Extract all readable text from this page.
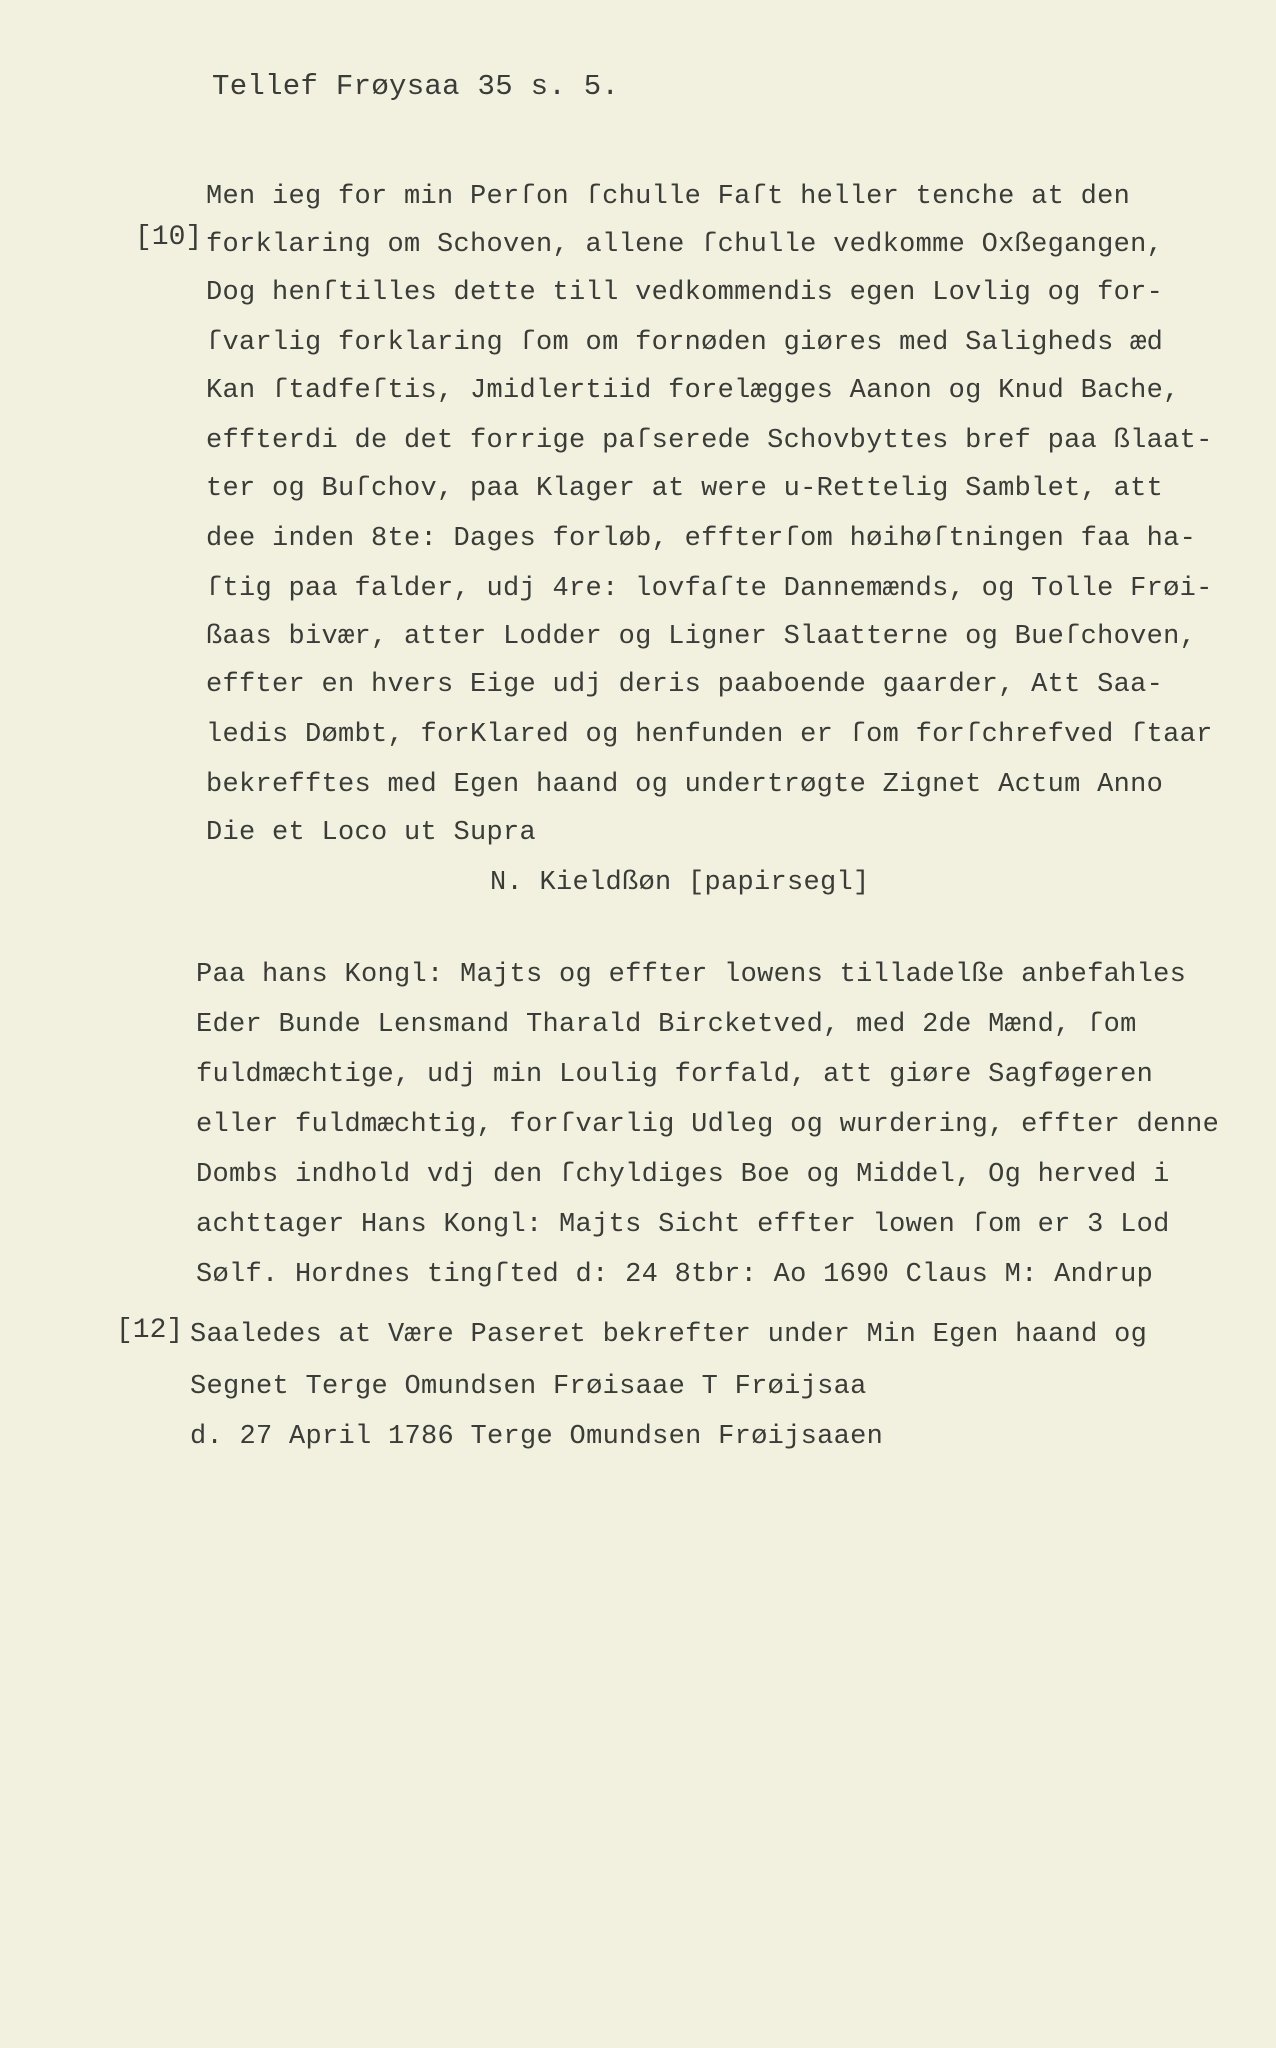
Tellef Frøysaa 35 s. 5.
[10]
Men ieg for min Perſon ſchulle Faſt heller tenche at den
forklaring om Schoven, allene ſchulle vedkomme Oxßegangen,
Dog henſtilles dette till vedkommendis egen Lovlig og for-
ſvarlig forklaring ſom om fornøden giøres med Saligheds æd
Kan ſtadfeſtis, Jmidlertiid forelægges Aanon og Knud Bache,
effterdi de det forrige paſserede Schovbyttes bref paa ßlaat-
ter og Buſchov, paa Klager at were u-Rettelig Samblet, att
dee inden 8te: Dages forløb, effterſom høihøſtningen faa ha-
ſtig paa falder, udj 4re: lovfaſte Dannemænds, og Tolle Frøi-
ßaas bivær, atter Lodder og Ligner Slaatterne og Bueſchoven,
effter en hvers Eige udj deris paaboende gaarder, Att Saa-
ledis Dømbt, forKlared og henfunden er ſom forſchrefved ſtaar
bekrefftes med Egen haand og undertrøgte Zignet Actum Anno
Die et Loco ut Supra
N. Kieldßøn [papirsegl]
Paa hans Kongl: Majts og effter lowens tilladelße anbefahles
Eder Bunde Lensmand Tharald Bircketved, med 2de Mænd, ſom
fuldmæchtige, udj min Loulig forfald, att giøre Sagføgeren
eller fuldmæchtig, forſvarlig Udleg og wurdering, effter denne
Dombs indhold vdj den ſchyldiges Boe og Middel, Og herved i
achttager Hans Kongl: Majts Sicht effter lowen ſom er 3 Lod
Sølf. Hordnes tingſted d: 24 8tbr: Ao 1690 Claus M: Andrup
[12] Saaledes at Være Paseret bekrefter under Min Egen haand og
Segnet Terge Omundsen Frøisaae T Frøijsaa
d. 27 April 1786 Terge Omundsen Frøijsaaen
